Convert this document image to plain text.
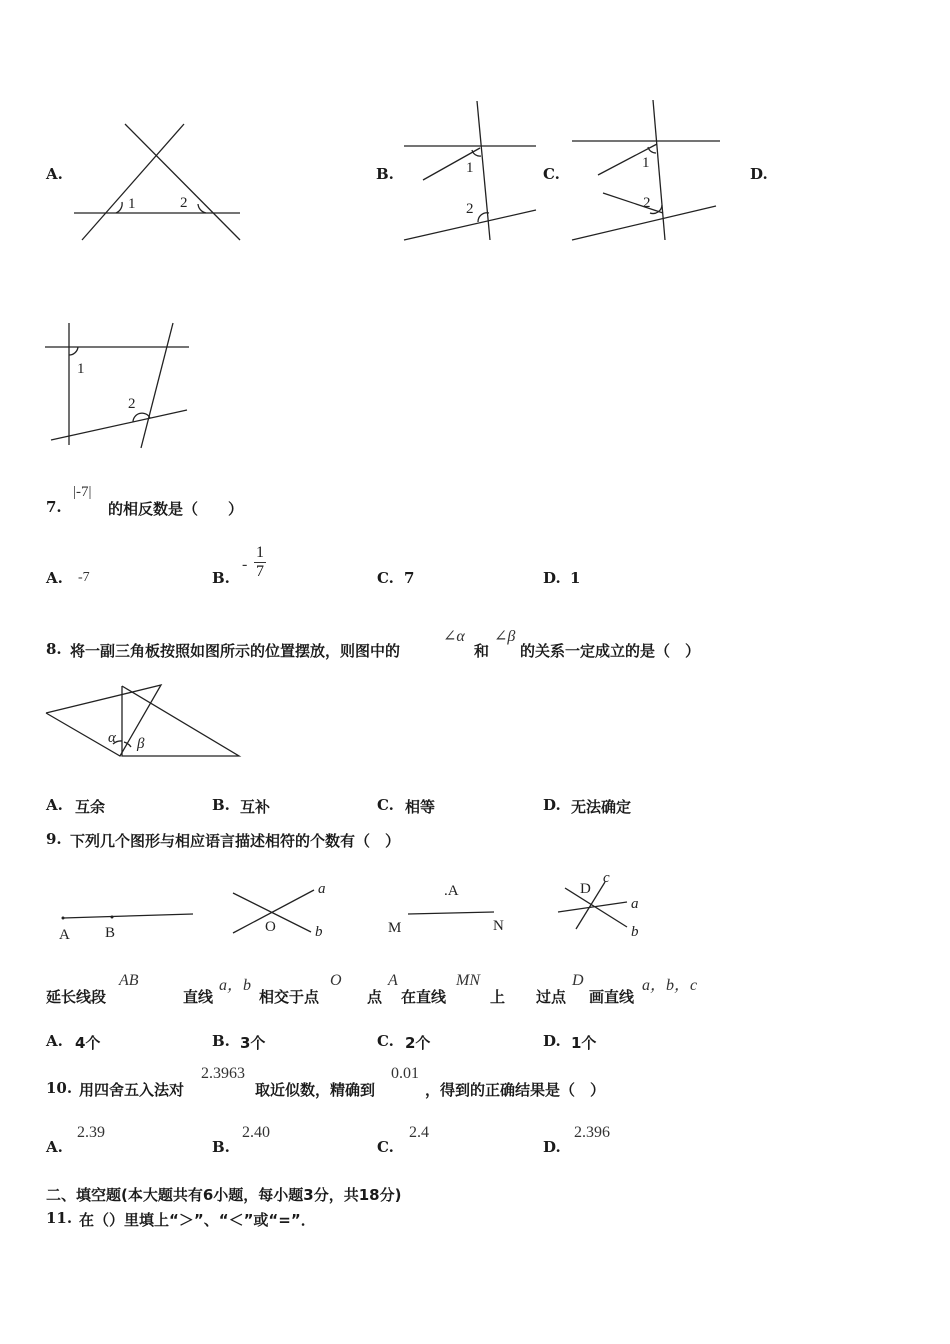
A.
1	2
B.	1
2
C.
1
2
D.
1
2
7.
|-7|
的相反数是（　　）
A. -7	B.
-
1
7	C. 7	D. 1
8. 将一副三角板按照如图所示的位置摆放，则图中的
∠α
和
∠β
的关系一定成立的是（　）
α β
A. 互余	B. 互补	C. 相等	D. 无法确定
9. 下列几个图形与相应语言描述相符的个数有（　）
A B	O
a
b
.A
M	N
D
c
a
b
延长线段
AB
直线
a，b
相交于点
O
点
A
在直线
MN
上 过点
D
画直线
a，b，c
A. 4个	B. 3个	C. 2个	D. 1个
10. 用四舍五入法对
2.3963
取近似数，精确到
0.01
，得到的正确结果是（　）
A.
2.39
B.
2.40
C.
2.4
D.
2.396
二、填空题(本大题共有6小题，每小题3分，共18分)
11. 在（）里填上“＞”、“＜”或“=”．
